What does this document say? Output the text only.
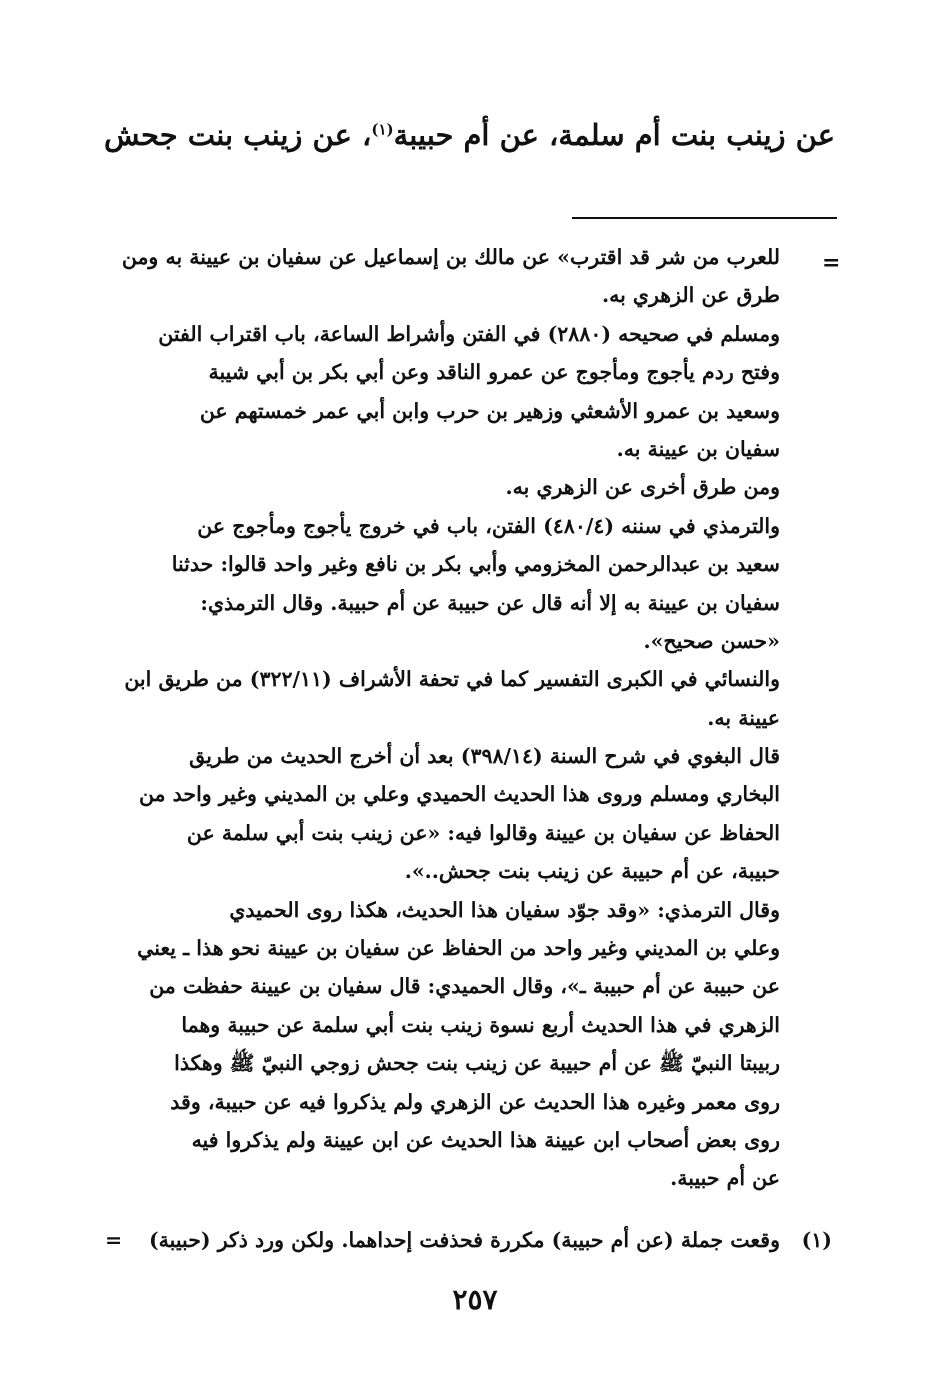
عن زينب بنت أم سلمة، عن أم حبيبة$^{(١)}$، عن زينب بنت جحش
=
للعرب من شر قد اقترب» عن مالك بن إسماعيل عن سفيان بن عيينة به ومن
طرق عن الزهري به.
ومسلم في صحيحه (٢٨٨٠) في الفتن وأشراط الساعة، باب اقتراب الفتن
وفتح ردم يأجوج ومأجوج عن عمرو الناقد وعن أبي بكر بن أبي شيبة
وسعيد بن عمرو الأشعثي وزهير بن حرب وابن أبي عمر خمستهم عن
سفيان بن عيينة به.
ومن طرق أخرى عن الزهري به.
والترمذي في سننه (٤٨٠/٤) الفتن، باب في خروج يأجوج ومأجوج عن
سعيد بن عبدالرحمن المخزومي وأبي بكر بن نافع وغير واحد قالوا: حدثنا
سفيان بن عيينة به إلا أنه قال عن حبيبة عن أم حبيبة. وقال الترمذي:
«حسن صحيح».
والنسائي في الكبرى التفسير كما في تحفة الأشراف (٣٢٢/١١) من طريق ابن
عيينة به.
قال البغوي في شرح السنة (٣٩٨/١٤) بعد أن أخرج الحديث من طريق
البخاري ومسلم وروى هذا الحديث الحميدي وعلي بن المديني وغير واحد من
الحفاظ عن سفيان بن عيينة وقالوا فيه: «عن زينب بنت أبي سلمة عن
حبيبة، عن أم حبيبة عن زينب بنت جحش..».
وقال الترمذي: «وقد جوّد سفيان هذا الحديث، هكذا روى الحميدي
وعلي بن المديني وغير واحد من الحفاظ عن سفيان بن عيينة نحو هذا ـ يعني
عن حبيبة عن أم حبيبة ـ»، وقال الحميدي: قال سفيان بن عيينة حفظت من
الزهري في هذا الحديث أربع نسوة زينب بنت أبي سلمة عن حبيبة وهما
ربيبتا النبيّ ﷺ عن أم حبيبة عن زينب بنت جحش زوجي النبيّ ﷺ وهكذا
روى معمر وغيره هذا الحديث عن الزهري ولم يذكروا فيه عن حبيبة، وقد
روى بعض أصحاب ابن عيينة هذا الحديث عن ابن عيينة ولم يذكروا فيه
عن أم حبيبة.
(١)
وقعت جملة (عن أم حبيبة) مكررة فحذفت إحداهما. ولكن ورد ذكر (حبيبة)
=
٢٥٧
